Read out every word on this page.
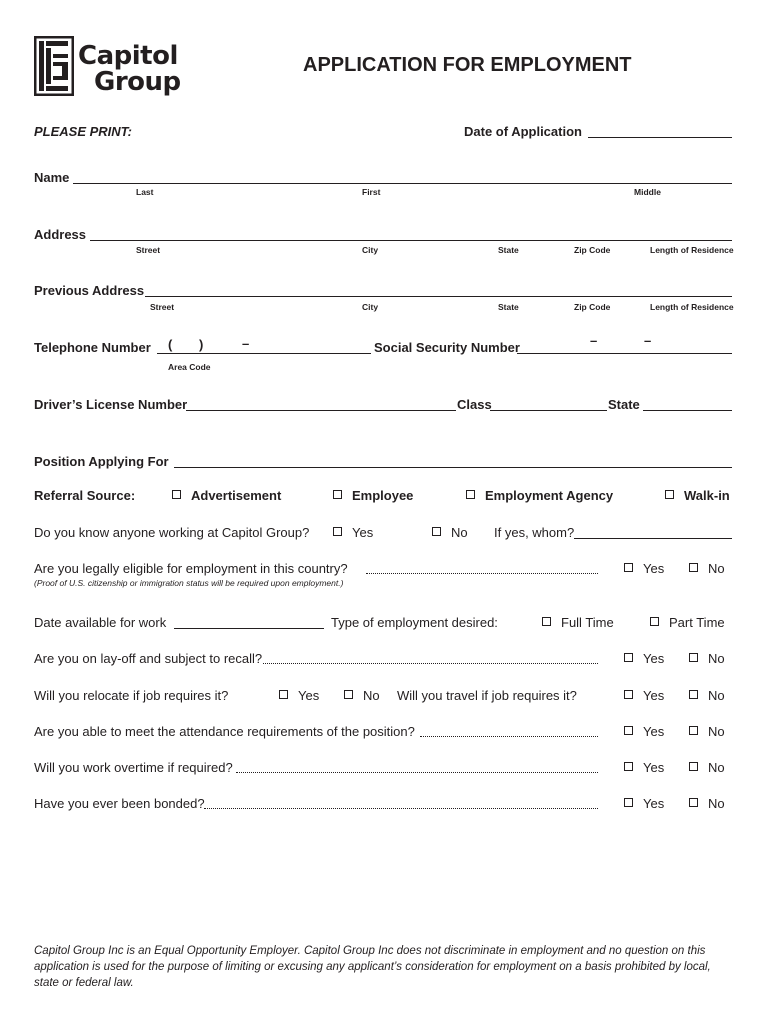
Capitol
Group
APPLICATION FOR EMPLOYMENT
PLEASE PRINT:	Date of Application
Name
Last	First	Middle
Address
Street	City	State	Zip Code	Length of Residence
Previous Address
Street	City	State	Zip Code	Length of Residence
Telephone Number ( )	–
Area Code
Social Security Number	–	–
Driver’s License Number	Class	State
Position Applying For
Referral Source:	Advertisement	Employee	Employment Agency	Walk-in
Do you know anyone working at Capitol Group?	Yes	No If yes, whom?
Are you legally eligible for employment in this country?
(Proof of U.S. citizenship or immigration status will be required upon employment.)
Yes	No
Date available for work	Type of employment desired:	Full Time	Part Time
Are you on lay-off and subject to recall?	Yes	No
Will you relocate if job requires it?	Yes	No Will you travel if job requires it?	Yes	No
Are you able to meet the attendance requirements of the position?	Yes	No
Will you work overtime if required?	Yes	No
Have you ever been bonded?	Yes	No
Capitol Group Inc is an Equal Opportunity Employer. Capitol Group Inc does not discriminate in employment and no question on this application is used for the purpose of limiting or excusing any applicant’s consideration for employment on a basis prohibited by local, state or federal law.
